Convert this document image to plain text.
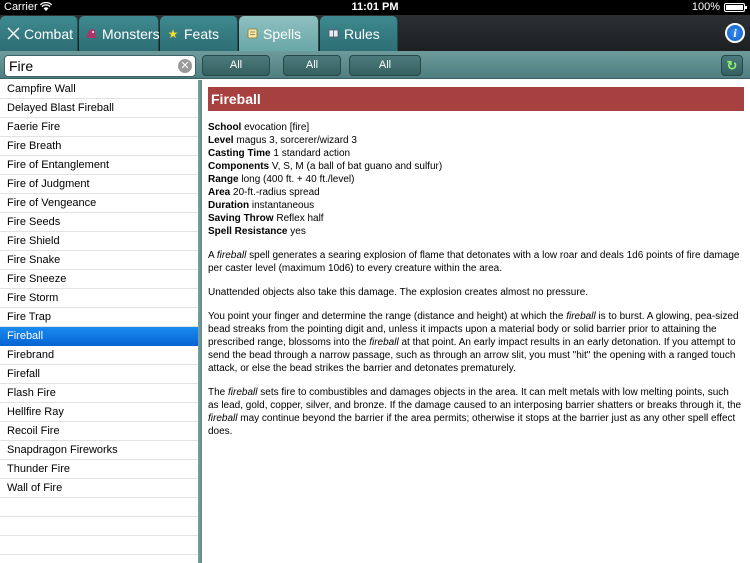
Carrier	11:01 PM	100%
Combat Monsters ★ Feats	Spells	Rules	i
Fire
✕	All	All	All	↻
Campfire Wall
Delayed Blast Fireball
Faerie Fire
Fire Breath
Fire of Entanglement
Fire of Judgment
Fire of Vengeance
Fire Seeds
Fire Shield
Fire Snake
Fire Sneeze
Fire Storm
Fire Trap
Fireball
Firebrand
Firefall
Flash Fire
Hellfire Ray
Recoil Fire
Snapdragon Fireworks
Thunder Fire
Wall of Fire
Fireball
School evocation [fire]
Level magus 3, sorcerer/wizard 3
Casting Time 1 standard action
Components V, S, M (a ball of bat guano and sulfur)
Range long (400 ft. + 40 ft./level)
Area 20-ft.-radius spread
Duration instantaneous
Saving Throw Reflex half
Spell Resistance yes

A fireball spell generates a searing explosion of flame that detonates with a low roar and deals 1d6 points of fire damage per caster level (maximum 10d6) to every creature within the area.

Unattended objects also take this damage. The explosion creates almost no pressure.

You point your finger and determine the range (distance and height) at which the fireball is to burst. A glowing, pea-sized bead streaks from the pointing digit and, unless it impacts upon a material body or solid barrier prior to attaining the prescribed range, blossoms into the fireball at that point. An early impact results in an early detonation. If you attempt to send the bead through a narrow passage, such as through an arrow slit, you must "hit" the opening with a ranged touch attack, or else the bead strikes the barrier and detonates prematurely.

The fireball sets fire to combustibles and damages objects in the area. It can melt metals with low melting points, such as lead, gold, copper, silver, and bronze. If the damage caused to an interposing barrier shatters or breaks through it, the fireball may continue beyond the barrier if the area permits; otherwise it stops at the barrier just as any other spell effect does.
